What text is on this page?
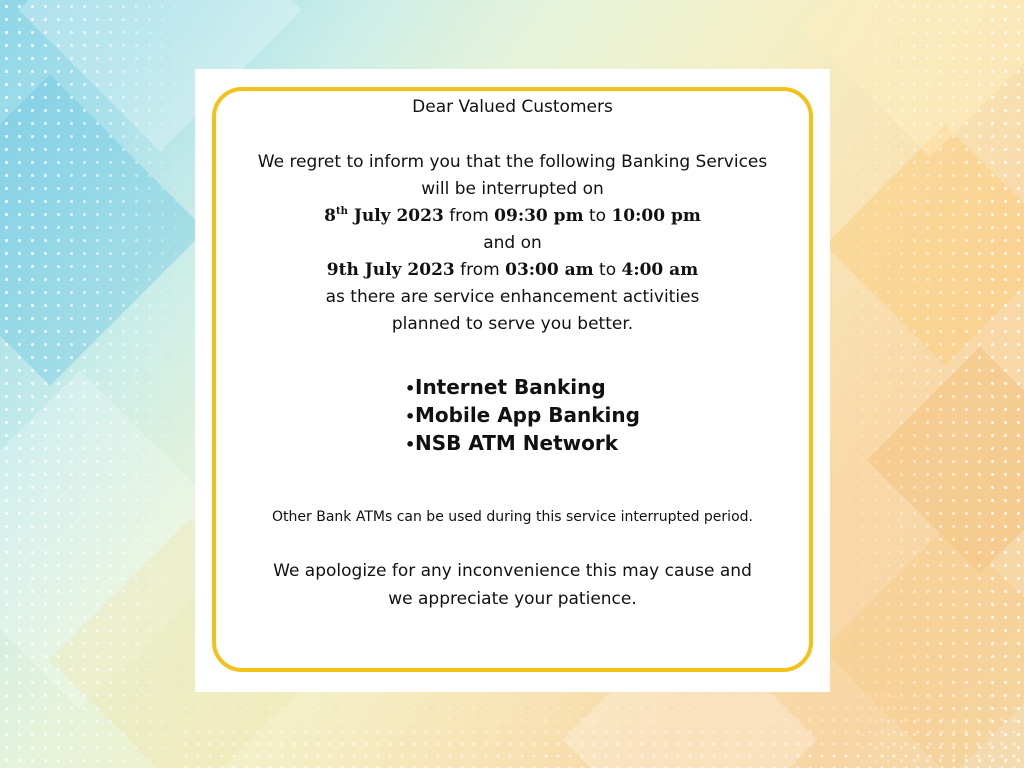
Dear Valued Customers
We regret to inform you that the following Banking Services
will be interrupted on
8th July 2023 from 09:30 pm to 10:00 pm
and on
9th July 2023 from 03:00 am to 4:00 am
as there are service enhancement activities
planned to serve you better.
•Internet Banking
•Mobile App Banking
•NSB ATM Network
Other Bank ATMs can be used during this service interrupted period.
We apologize for any inconvenience this may cause and
we appreciate your patience.
